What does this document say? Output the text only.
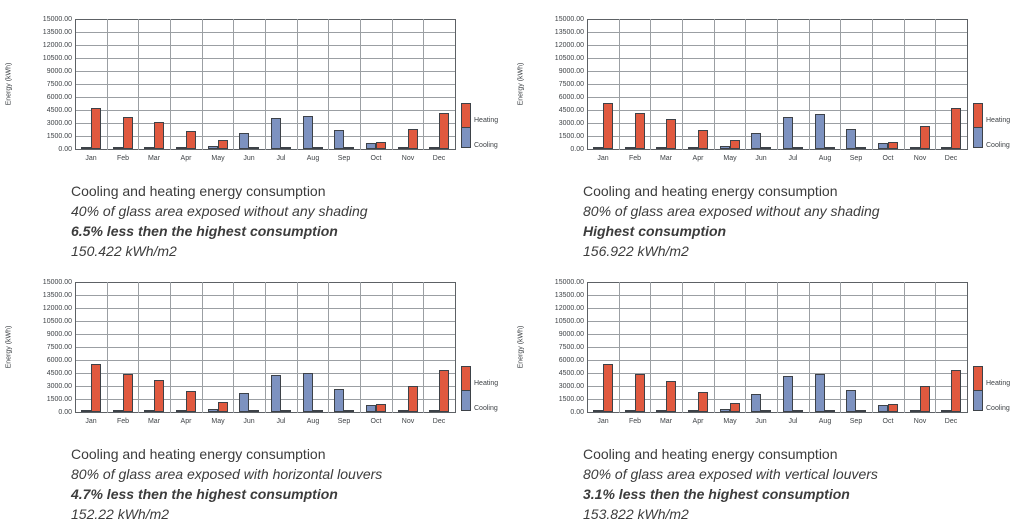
Energy (kWh)
15000.00
13500.00
12000.00
10500.00
9000.00
7500.00
6000.00
4500.00
3000.00
1500.00
0.00
Jan	Feb	Mar	Apr	May	Jun	Jul	Aug	Sep	Oct	Nov	Dec
Heating
Cooling
Energy (kWh)
15000.00
13500.00
12000.00
10500.00
9000.00
7500.00
6000.00
4500.00
3000.00
1500.00
0.00
Jan	Feb	Mar	Apr	May	Jun	Jul	Aug	Sep	Oct	Nov	Dec
Heating
Cooling
Energy (kWh)
15000.00
13500.00
12000.00
10500.00
9000.00
7500.00
6000.00
4500.00
3000.00
1500.00
0.00
Jan	Feb	Mar	Apr	May	Jun	Jul	Aug	Sep	Oct	Nov	Dec
Heating
Cooling
Energy (kWh)
15000.00
13500.00
12000.00
10500.00
9000.00
7500.00
6000.00
4500.00
3000.00
1500.00
0.00
Jan	Feb	Mar	Apr	May	Jun	Jul	Aug	Sep	Oct	Nov	Dec
Heating
Cooling
Cooling and heating energy consumption
40% of glass area exposed without any shading
6.5% less then the highest consumption
150.422 kWh/m2
Cooling and heating energy consumption
80% of glass area exposed without any shading
Highest consumption
156.922 kWh/m2
Cooling and heating energy consumption
80% of glass area exposed with horizontal louvers
4.7% less then the highest consumption
152.22 kWh/m2
Cooling and heating energy consumption
80% of glass area exposed with vertical louvers
3.1% less then the highest consumption
153.822 kWh/m2
